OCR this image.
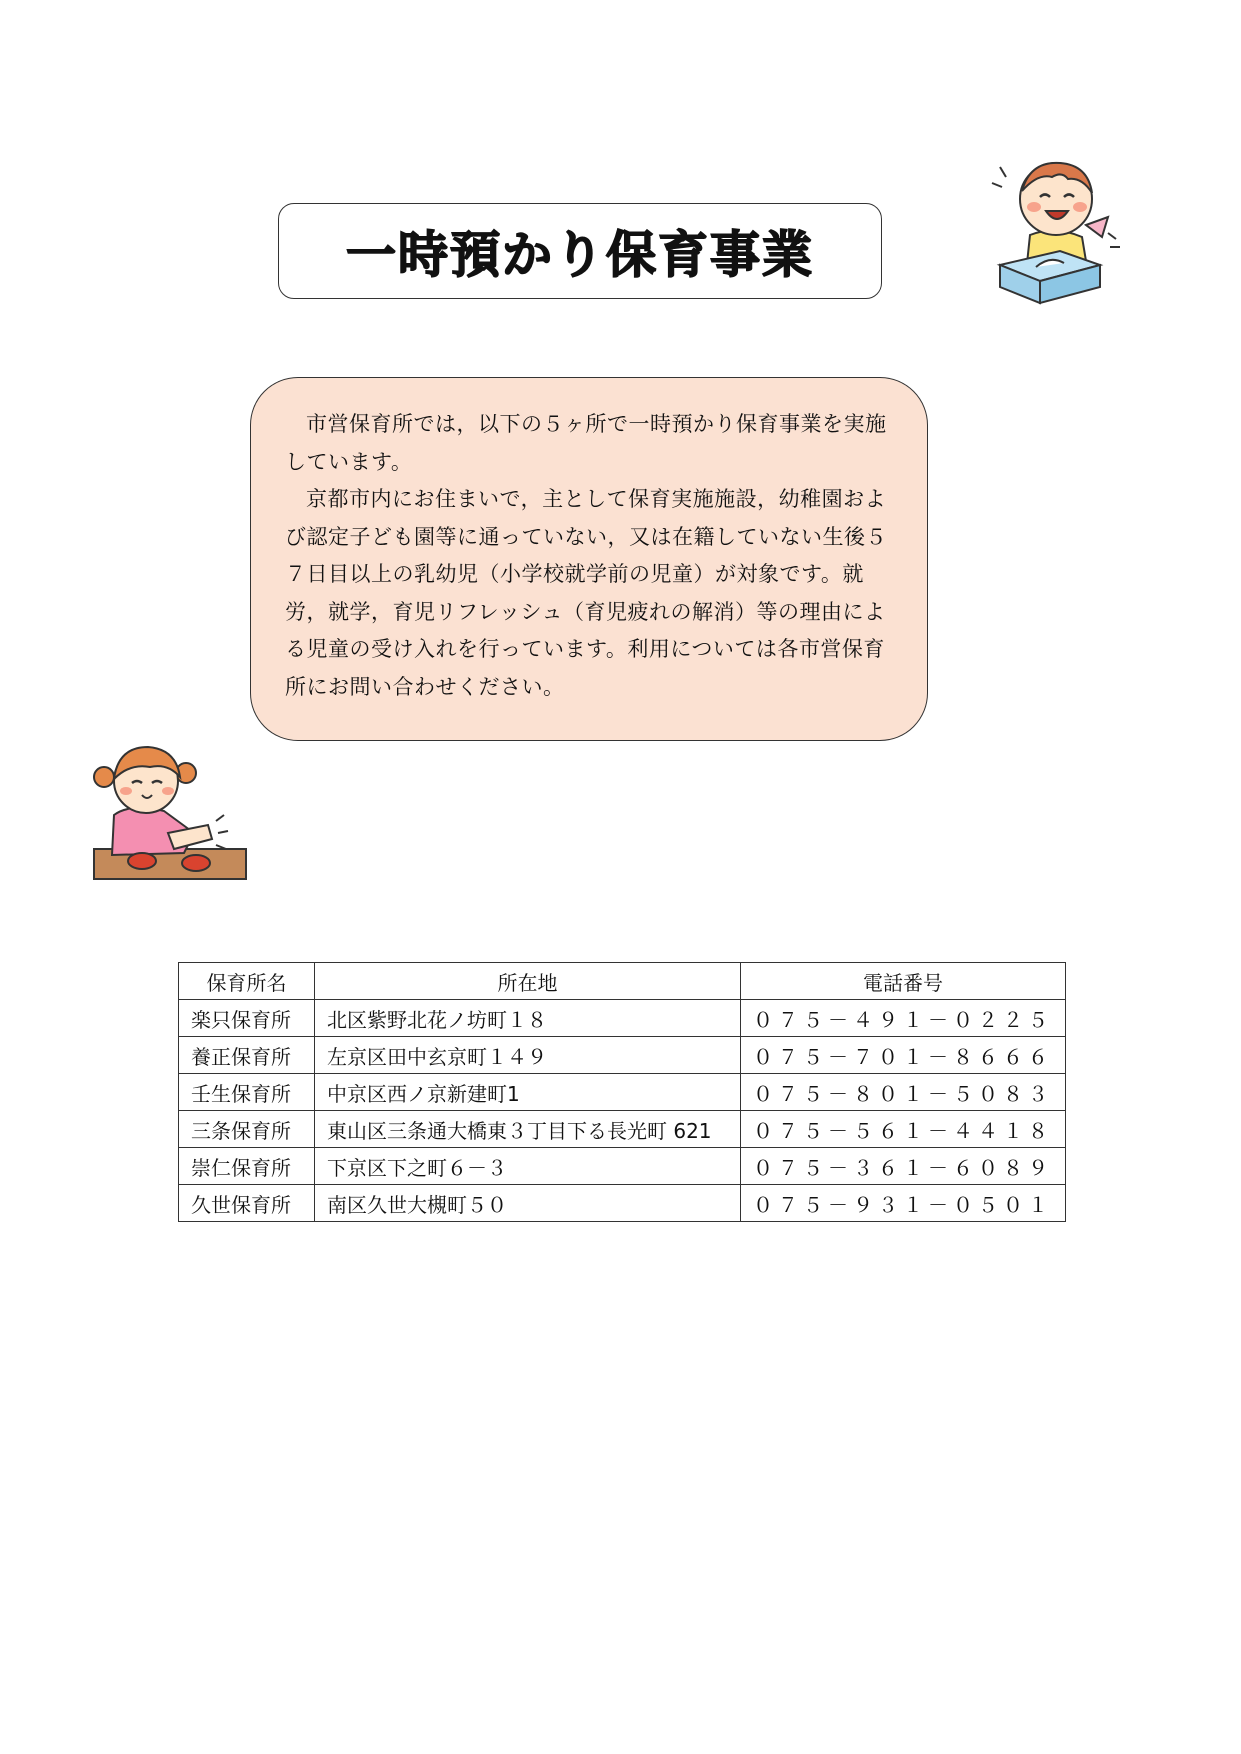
一時預かり保育事業

市営保育所では，以下の５ヶ所で一時預かり保育事業を実施しています。

京都市内にお住まいで，主として保育実施施設，幼稚園および認定子ども園等に通っていない，又は在籍していない生後５７日目以上の乳幼児（小学校就学前の児童）が対象です。就労，就学，育児リフレッシュ（育児疲れの解消）等の理由による児童の受け入れを行っています。利用については各市営保育所にお問い合わせください。

保育所名	所在地	電話番号
楽只保育所	北区紫野北花ノ坊町１８	０７５－４９１－０２２５
養正保育所	左京区田中玄京町１４９	０７５－７０１－８６６６
壬生保育所	中京区西ノ京新建町1	０７５－８０１－５０８３
三条保育所	東山区三条通大橋東３丁目下る長光町 621	０７５－５６１－４４１８
崇仁保育所	下京区下之町６－３	０７５－３６１－６０８９
久世保育所	南区久世大槻町５０	０７５－９３１－０５０１
